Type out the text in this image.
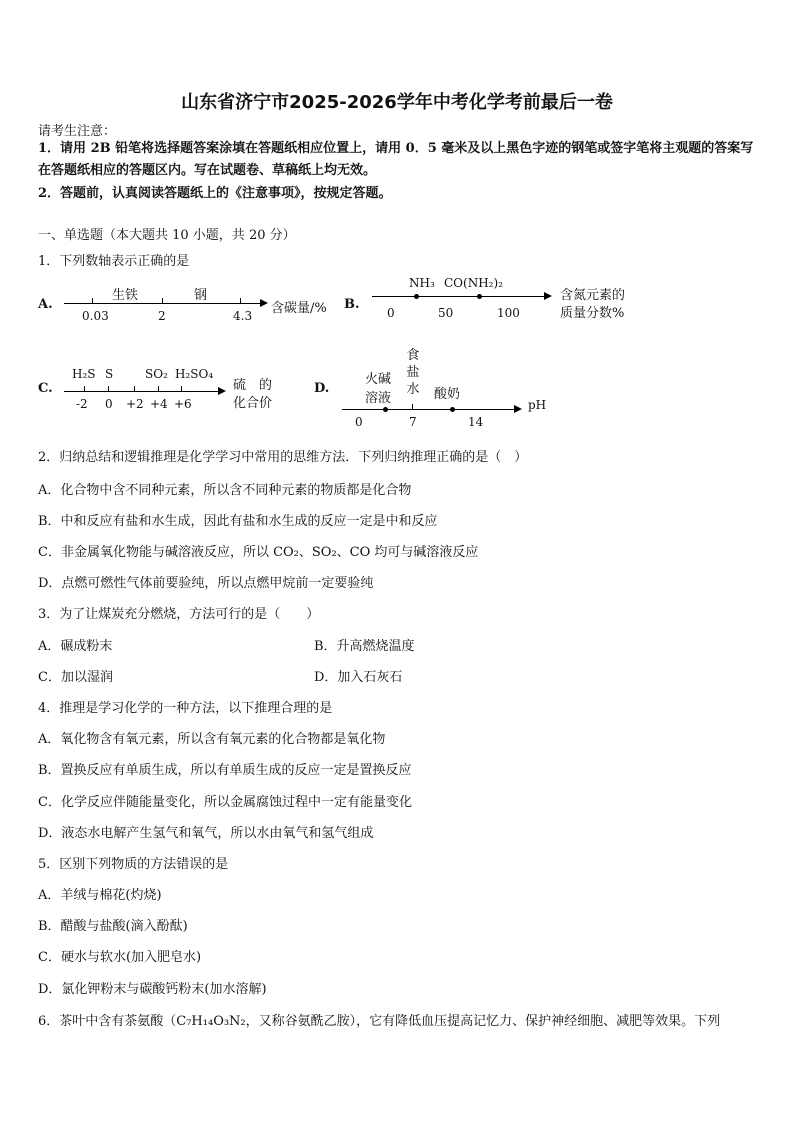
山东省济宁市2025-2026学年中考化学考前最后一卷
请考生注意：
1．请用 2B 铅笔将选择题答案涂填在答题纸相应位置上，请用 0．5 毫米及以上黑色字迹的钢笔或签字笔将主观题的答案写在答题纸相应的答题区内。写在试题卷、草稿纸上均无效。
2．答题前，认真阅读答题纸上的《注意事项》，按规定答题。
一、单选题（本大题共 10 小题，共 20 分）
1．下列数轴表示正确的是
A.
生铁	钢
0.03	2	4.3 含碳量/% B.
NH₃ CO(NH₂)₂
0	50	100
含氮元素的
质量分数%
C.
H₂S S	SO₂ H₂SO₄
-2 0 +2 +4 +6
硫　的
化合价
D.
火碱
溶液
食盐水 酸奶
0	7	14
pH
2．归纳总结和逻辑推理是化学学习中常用的思维方法．下列归纳推理正确的是（　）
A．化合物中含不同种元素，所以含不同种元素的物质都是化合物
B．中和反应有盐和水生成，因此有盐和水生成的反应一定是中和反应
C．非金属氧化物能与碱溶液反应，所以 CO₂、SO₂、CO 均可与碱溶液反应
D．点燃可燃性气体前要验纯，所以点燃甲烷前一定要验纯
3．为了让煤炭充分燃烧，方法可行的是（　　）
A．碾成粉末	B．升高燃烧温度
C．加以湿润	D．加入石灰石
4．推理是学习化学的一种方法，以下推理合理的是
A．氧化物含有氧元素，所以含有氧元素的化合物都是氧化物
B．置换反应有单质生成，所以有单质生成的反应一定是置换反应
C．化学反应伴随能量变化，所以金属腐蚀过程中一定有能量变化
D．液态水电解产生氢气和氧气，所以水由氧气和氢气组成
5．区别下列物质的方法错误的是
A．羊绒与棉花(灼烧)
B．醋酸与盐酸(滴入酚酞)
C．硬水与软水(加入肥皂水)
D．氯化钾粉末与碳酸钙粉末(加水溶解)
6．茶叶中含有茶氨酸（C₇H₁₄O₃N₂，又称谷氨酰乙胺），它有降低血压提高记忆力、保护神经细胞、减肥等效果。下列
